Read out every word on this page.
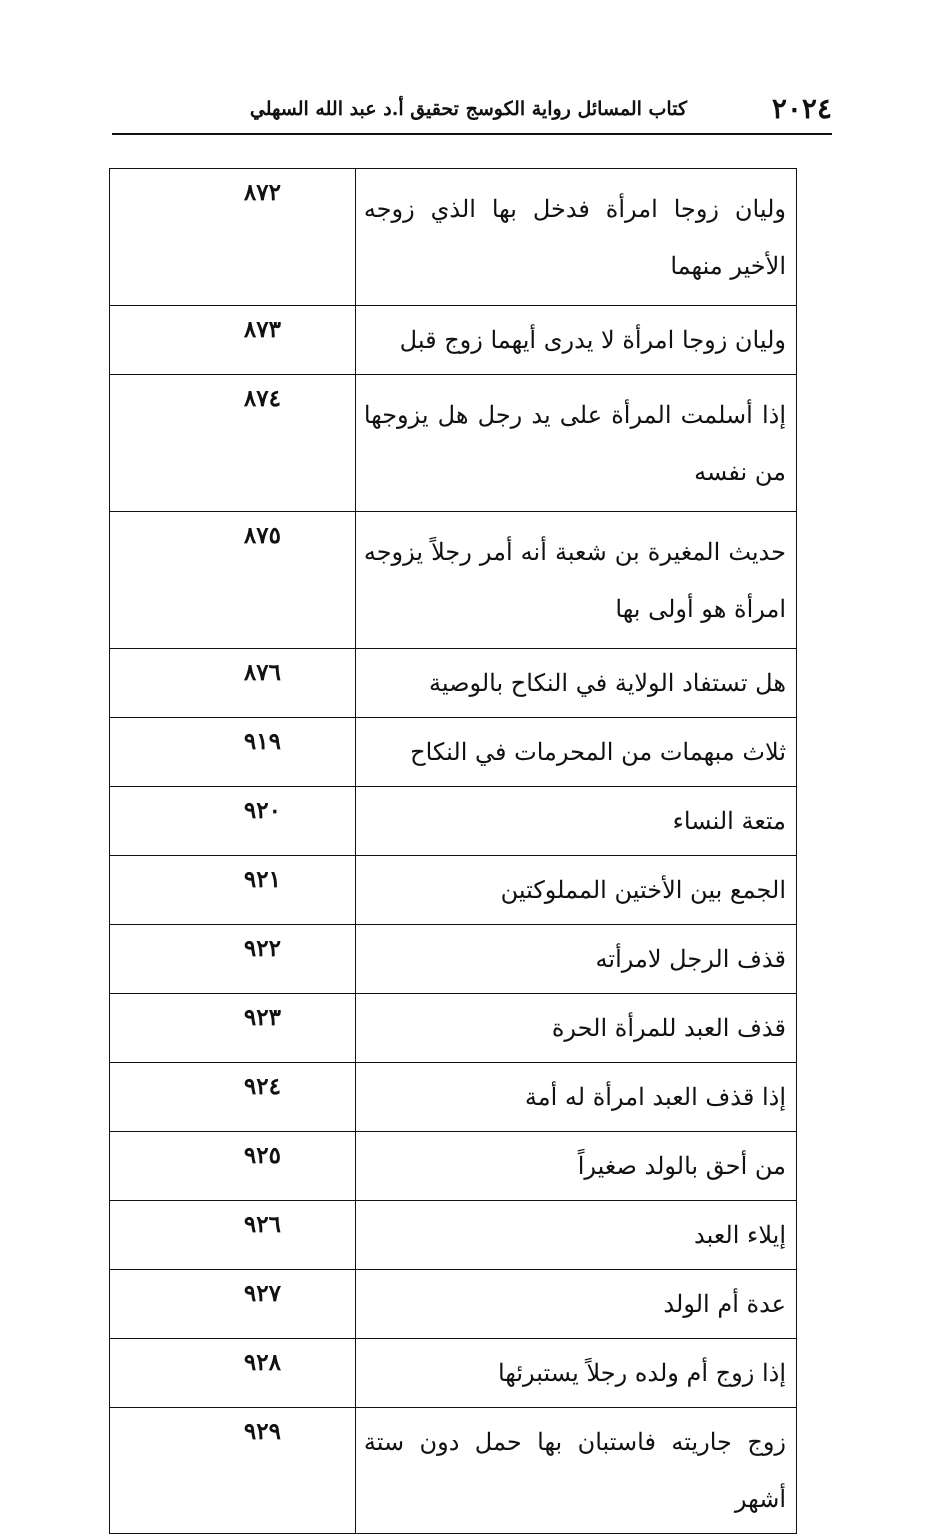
٢٠٢٤
كتاب المسائل رواية الكوسج تحقيق أ.د عبد الله السهلي
وليان زوجا امرأة فدخل بها الذي زوجه الأخير منهما	٨٧٢
وليان زوجا امرأة لا يدرى أيهما زوج قبل	٨٧٣
إذا أسلمت المرأة على يد رجل هل يزوجها من نفسه	٨٧٤
حديث المغيرة بن شعبة أنه أمر رجلاً يزوجه امرأة هو أولى بها	٨٧٥
هل تستفاد الولاية في النكاح بالوصية	٨٧٦
ثلاث مبهمات من المحرمات في النكاح	٩١٩
متعة النساء	٩٢٠
الجمع بين الأختين المملوكتين	٩٢١
قذف الرجل لامرأته	٩٢٢
قذف العبد للمرأة الحرة	٩٢٣
إذا قذف العبد امرأة له أمة	٩٢٤
من أحق بالولد صغيراً	٩٢٥
إيلاء العبد	٩٢٦
عدة أم الولد	٩٢٧
إذا زوج أم ولده رجلاً يستبرئها	٩٢٨
زوج جاريته فاستبان بها حمل دون ستة أشهر	٩٢٩
